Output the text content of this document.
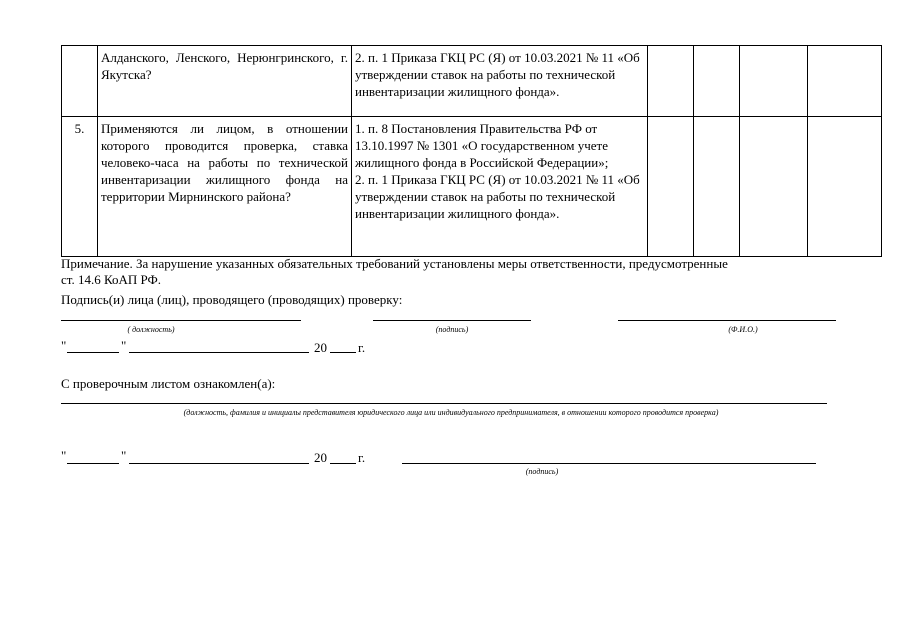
	Алданского, Ленского, Нерюнгринского, г. Якутска?	2. п. 1 Приказа ГКЦ РС (Я) от 10.03.2021 № 11 «Об утверждении ставок на работы по технической инвентаризации жилищного фонда».				
5.	Применяются ли лицом, в отношении которого проводится проверка, ставка человеко-часа на работы по технической инвентаризации жилищного фонда на территории Мирнинского района?	1. п. 8 Постановления Правительства РФ от 13.10.1997 № 1301 «О государственном учете жилищного фонда в Российской Федерации»;
2. п. 1 Приказа ГКЦ РС (Я) от 10.03.2021 № 11 «Об утверждении ставок на работы по технической инвентаризации жилищного фонда».				
Примечание. За нарушение указанных обязательных требований установлены меры ответственности, предусмотренные
ст. 14.6 КоАП РФ.
Подпись(и) лица (лиц), проводящего (проводящих) проверку:
( должность)	(подпись)	(Ф.И.О.)
"	"	20 г.
С проверочным листом ознакомлен(а):
(должность, фамилия и инициалы представителя юридического лица или индивидуального предпринимателя, в отношении которого проводится проверка)
"	"	20 г.
(подпись)
